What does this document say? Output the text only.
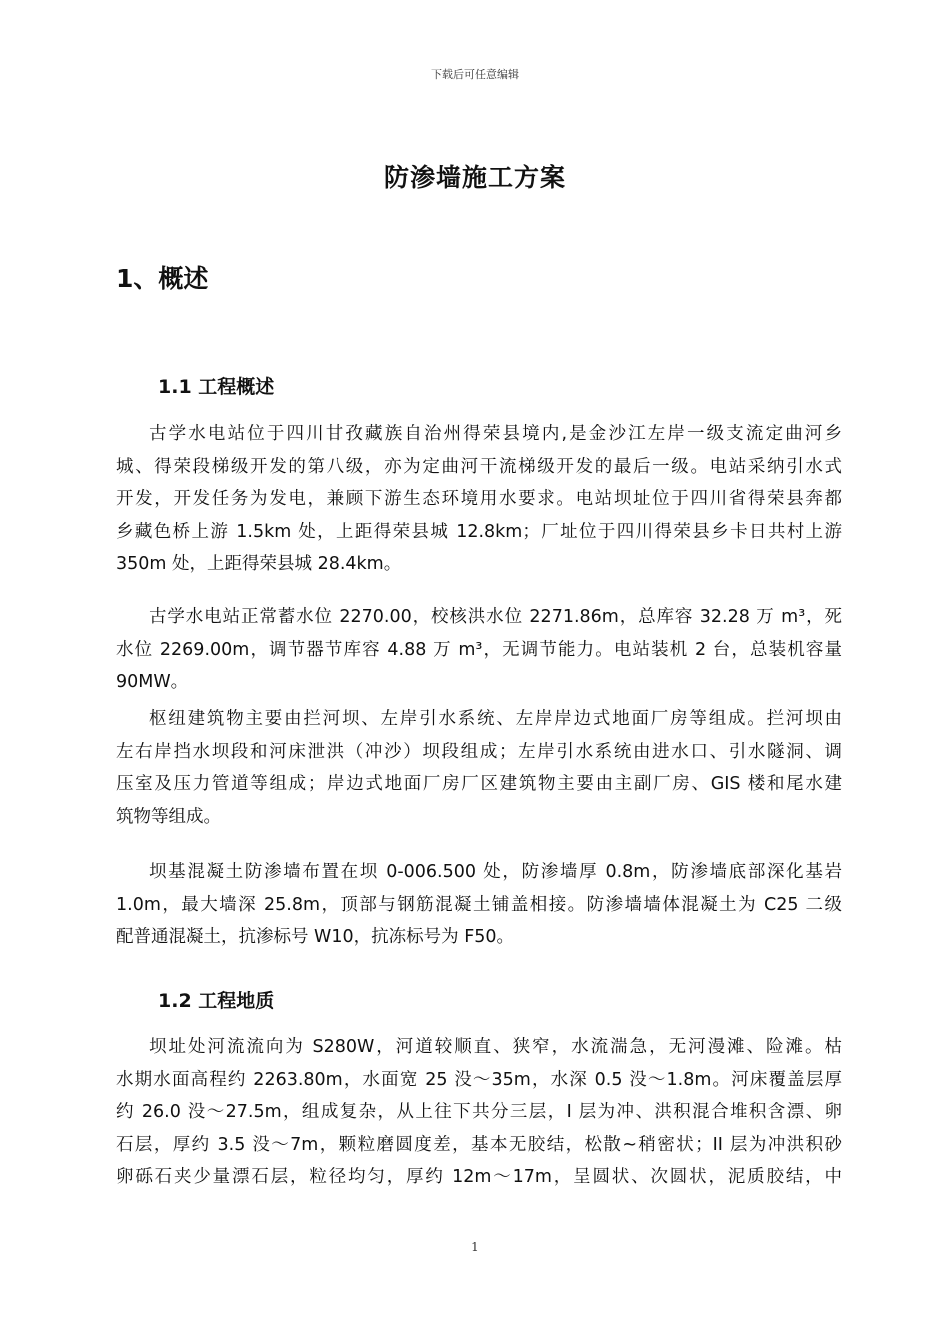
下载后可任意编辑
防渗墙施工方案
1、概述
1.1 工程概述
古学水电站位于四川甘孜藏族自治州得荣县境内,是金沙江左岸一级支流定曲河乡
城、得荣段梯级开发的第八级，亦为定曲河干流梯级开发的最后一级。电站采纳引水式
开发，开发任务为发电，兼顾下游生态环境用水要求。电站坝址位于四川省得荣县奔都
乡藏色桥上游 1.5km 处，上距得荣县城 12.8km；厂址位于四川得荣县乡卡日共村上游
350m 处，上距得荣县城 28.4km。
古学水电站正常蓄水位 2270.00，校核洪水位 2271.86m，总库容 32.28 万 m³，死
水位 2269.00m，调节器节库容 4.88 万 m³，无调节能力。电站装机 2 台，总装机容量
90MW。
枢纽建筑物主要由拦河坝、左岸引水系统、左岸岸边式地面厂房等组成。拦河坝由
左右岸挡水坝段和河床泄洪（冲沙）坝段组成；左岸引水系统由进水口、引水隧洞、调
压室及压力管道等组成；岸边式地面厂房厂区建筑物主要由主副厂房、GIS 楼和尾水建
筑物等组成。
坝基混凝土防渗墙布置在坝 0-006.500 处，防渗墙厚 0.8m，防渗墙底部深化基岩
1.0m，最大墙深 25.8m，顶部与钢筋混凝土铺盖相接。防渗墙墙体混凝土为 C25 二级
配普通混凝土，抗渗标号 W10，抗冻标号为 F50。
1.2 工程地质
坝址处河流流向为 S280W，河道较顺直、狭窄，水流湍急，无河漫滩、险滩。枯
水期水面高程约 2263.80m，水面宽 25 没～35m，水深 0.5 没～1.8m。河床覆盖层厚
约 26.0 没～27.5m，组成复杂，从上往下共分三层，I 层为冲、洪积混合堆积含漂、卵
石层，厚约 3.5 没～7m，颗粒磨圆度差，基本无胶结，松散~稍密状；II 层为冲洪积砂
卵砾石夹少量漂石层，粒径均匀，厚约 12m～17m，呈圆状、次圆状，泥质胶结，中
1
